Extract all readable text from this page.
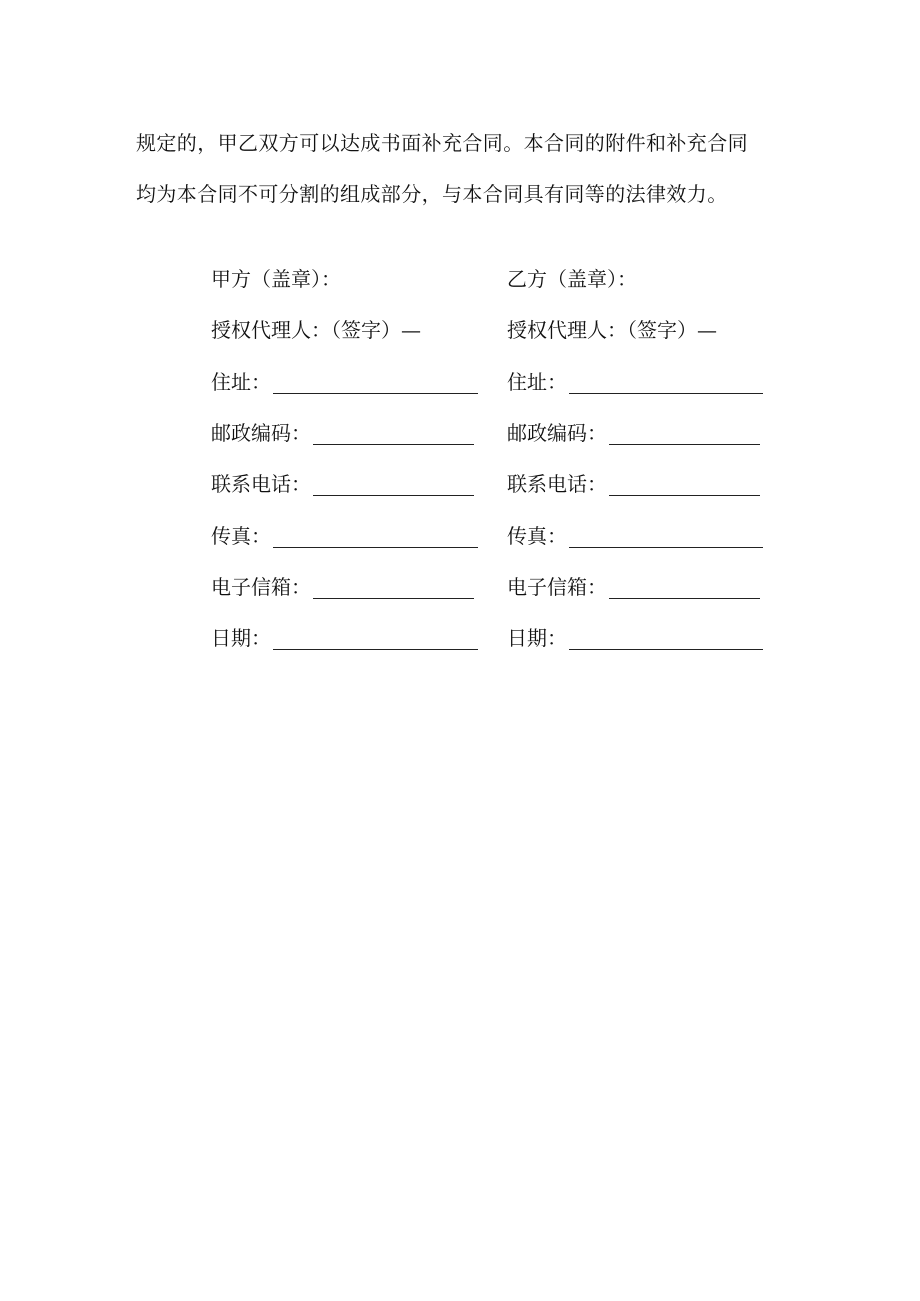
规定的，甲乙双方可以达成书面补充合同。本合同的附件和补充合同
均为本合同不可分割的组成部分，与本合同具有同等的法律效力。
甲方（盖章）：
授权代理人：（签字）—
住址：
邮政编码：
联系电话：
传真：
电子信箱：
日期：
乙方（盖章）：
授权代理人：（签字）—
住址：
邮政编码：
联系电话：
传真：
电子信箱：
日期：
